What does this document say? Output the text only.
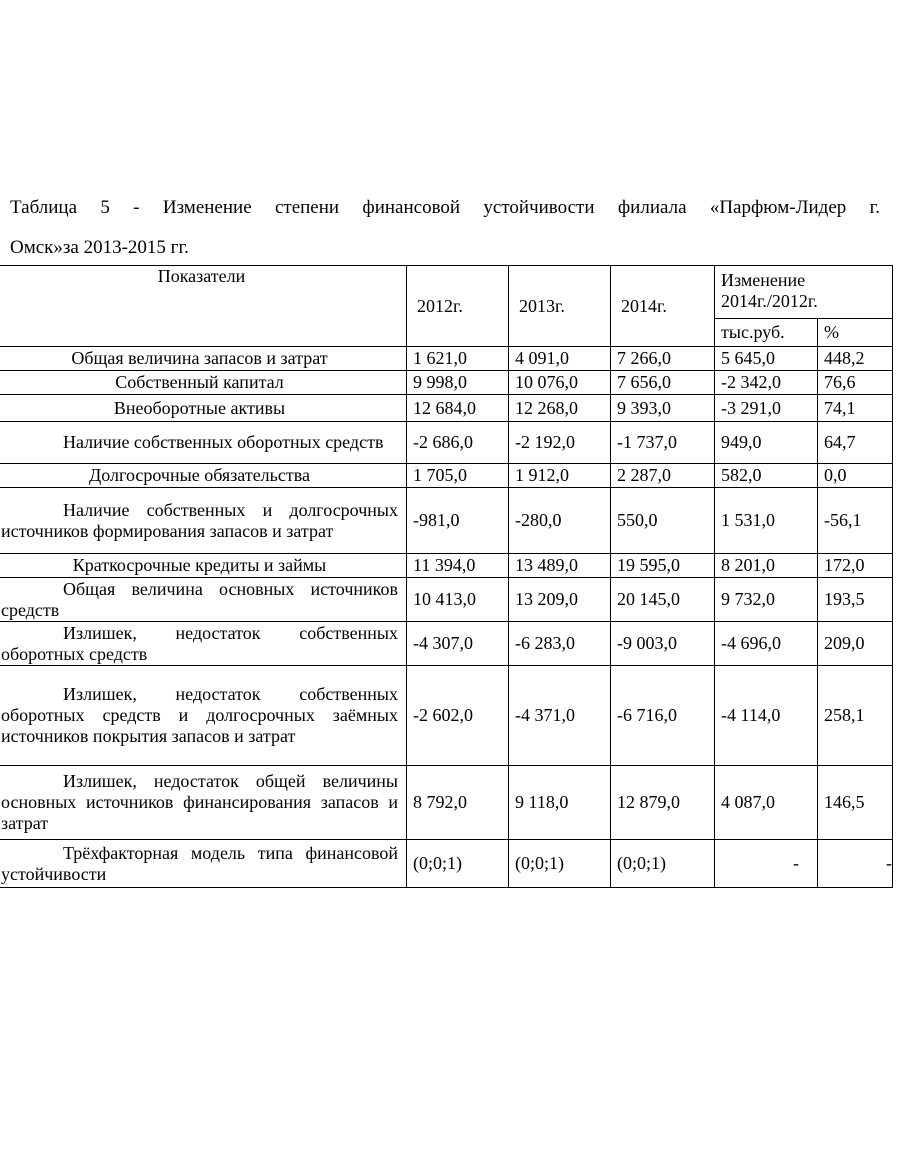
Таблица 5 - Изменение степени финансовой устойчивости филиала «Парфюм-Лидер г.
Омск»за 2013-2015 гг.

Показатели	2012г.	2013г.	2014г.	Изменение
2014г./2012г.	

				тыс.руб.	%
Общая величина запасов и затрат	1 621,0	4 091,0	7 266,0	5 645,0	448,2
Собственный капитал	9 998,0	10 076,0	7 656,0	-2 342,0	76,6
Внеоборотные активы	12 684,0	12 268,0	9 393,0	-3 291,0	74,1
Наличие собственных оборотных средств	-2 686,0	-2 192,0	-1 737,0	949,0	64,7
Долгосрочные обязательства	1 705,0	1 912,0	2 287,0	582,0	0,0
Наличие собственных и долгосрочных источников формирования запасов и затрат	-981,0	-280,0	550,0	1 531,0	-56,1
Краткосрочные кредиты и займы	11 394,0	13 489,0	19 595,0	8 201,0	172,0
Общая величина основных источников средств	10 413,0	13 209,0	20 145,0	9 732,0	193,5
Излишек, недостаток собственных оборотных средств	-4 307,0	-6 283,0	-9 003,0	-4 696,0	209,0
Излишек, недостаток собственных оборотных средств и долгосрочных заёмных источников покрытия запасов и затрат	-2 602,0	-4 371,0	-6 716,0	-4 114,0	258,1
Излишек, недостаток общей величины основных источников финансирования запасов и затрат	8 792,0	9 118,0	12 879,0	4 087,0	146,5
Трёхфакторная модель типа финансовой устойчивости	(0;0;1)	(0;0;1)	(0;0;1)	-	-
